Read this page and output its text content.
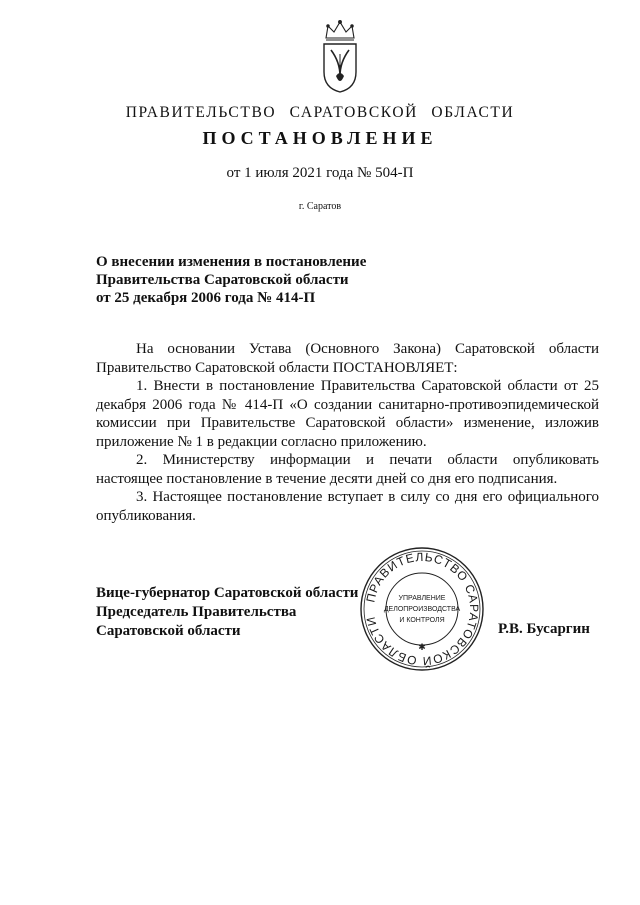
ПРАВИТЕЛЬСТВО САРАТОВСКОЙ ОБЛАСТИ
ПОСТАНОВЛЕНИЕ
от 1 июля 2021 года № 504-П
г. Саратов
О внесении изменения в постановление
Правительства Саратовской области
от 25 декабря 2006 года № 414-П

На основании Устава (Основного Закона) Саратовской области Правительство Саратовской области ПОСТАНОВЛЯЕТ:

1. Внести в постановление Правительства Саратовской области от 25 декабря 2006 года № 414-П «О создании санитарно-противоэпидемической комиссии при Правительстве Саратовской области» изменение, изложив приложение № 1 в редакции согласно приложению.

2. Министерству информации и печати области опубликовать настоящее постановление в течение десяти дней со дня его подписания.

3. Настоящее постановление вступает в силу со дня его официального опубликования.

Вице-губернатор Саратовской области
Председатель Правительства
Саратовской области	Р.В. Бусаргин
ПРАВИТЕЛЬСТВО САРАТОВСКОЙ ОБЛАСТИ
УПРАВЛЕНИЕ
ДЕЛОПРОИЗВОДСТВА
И КОНТРОЛЯ
✱
